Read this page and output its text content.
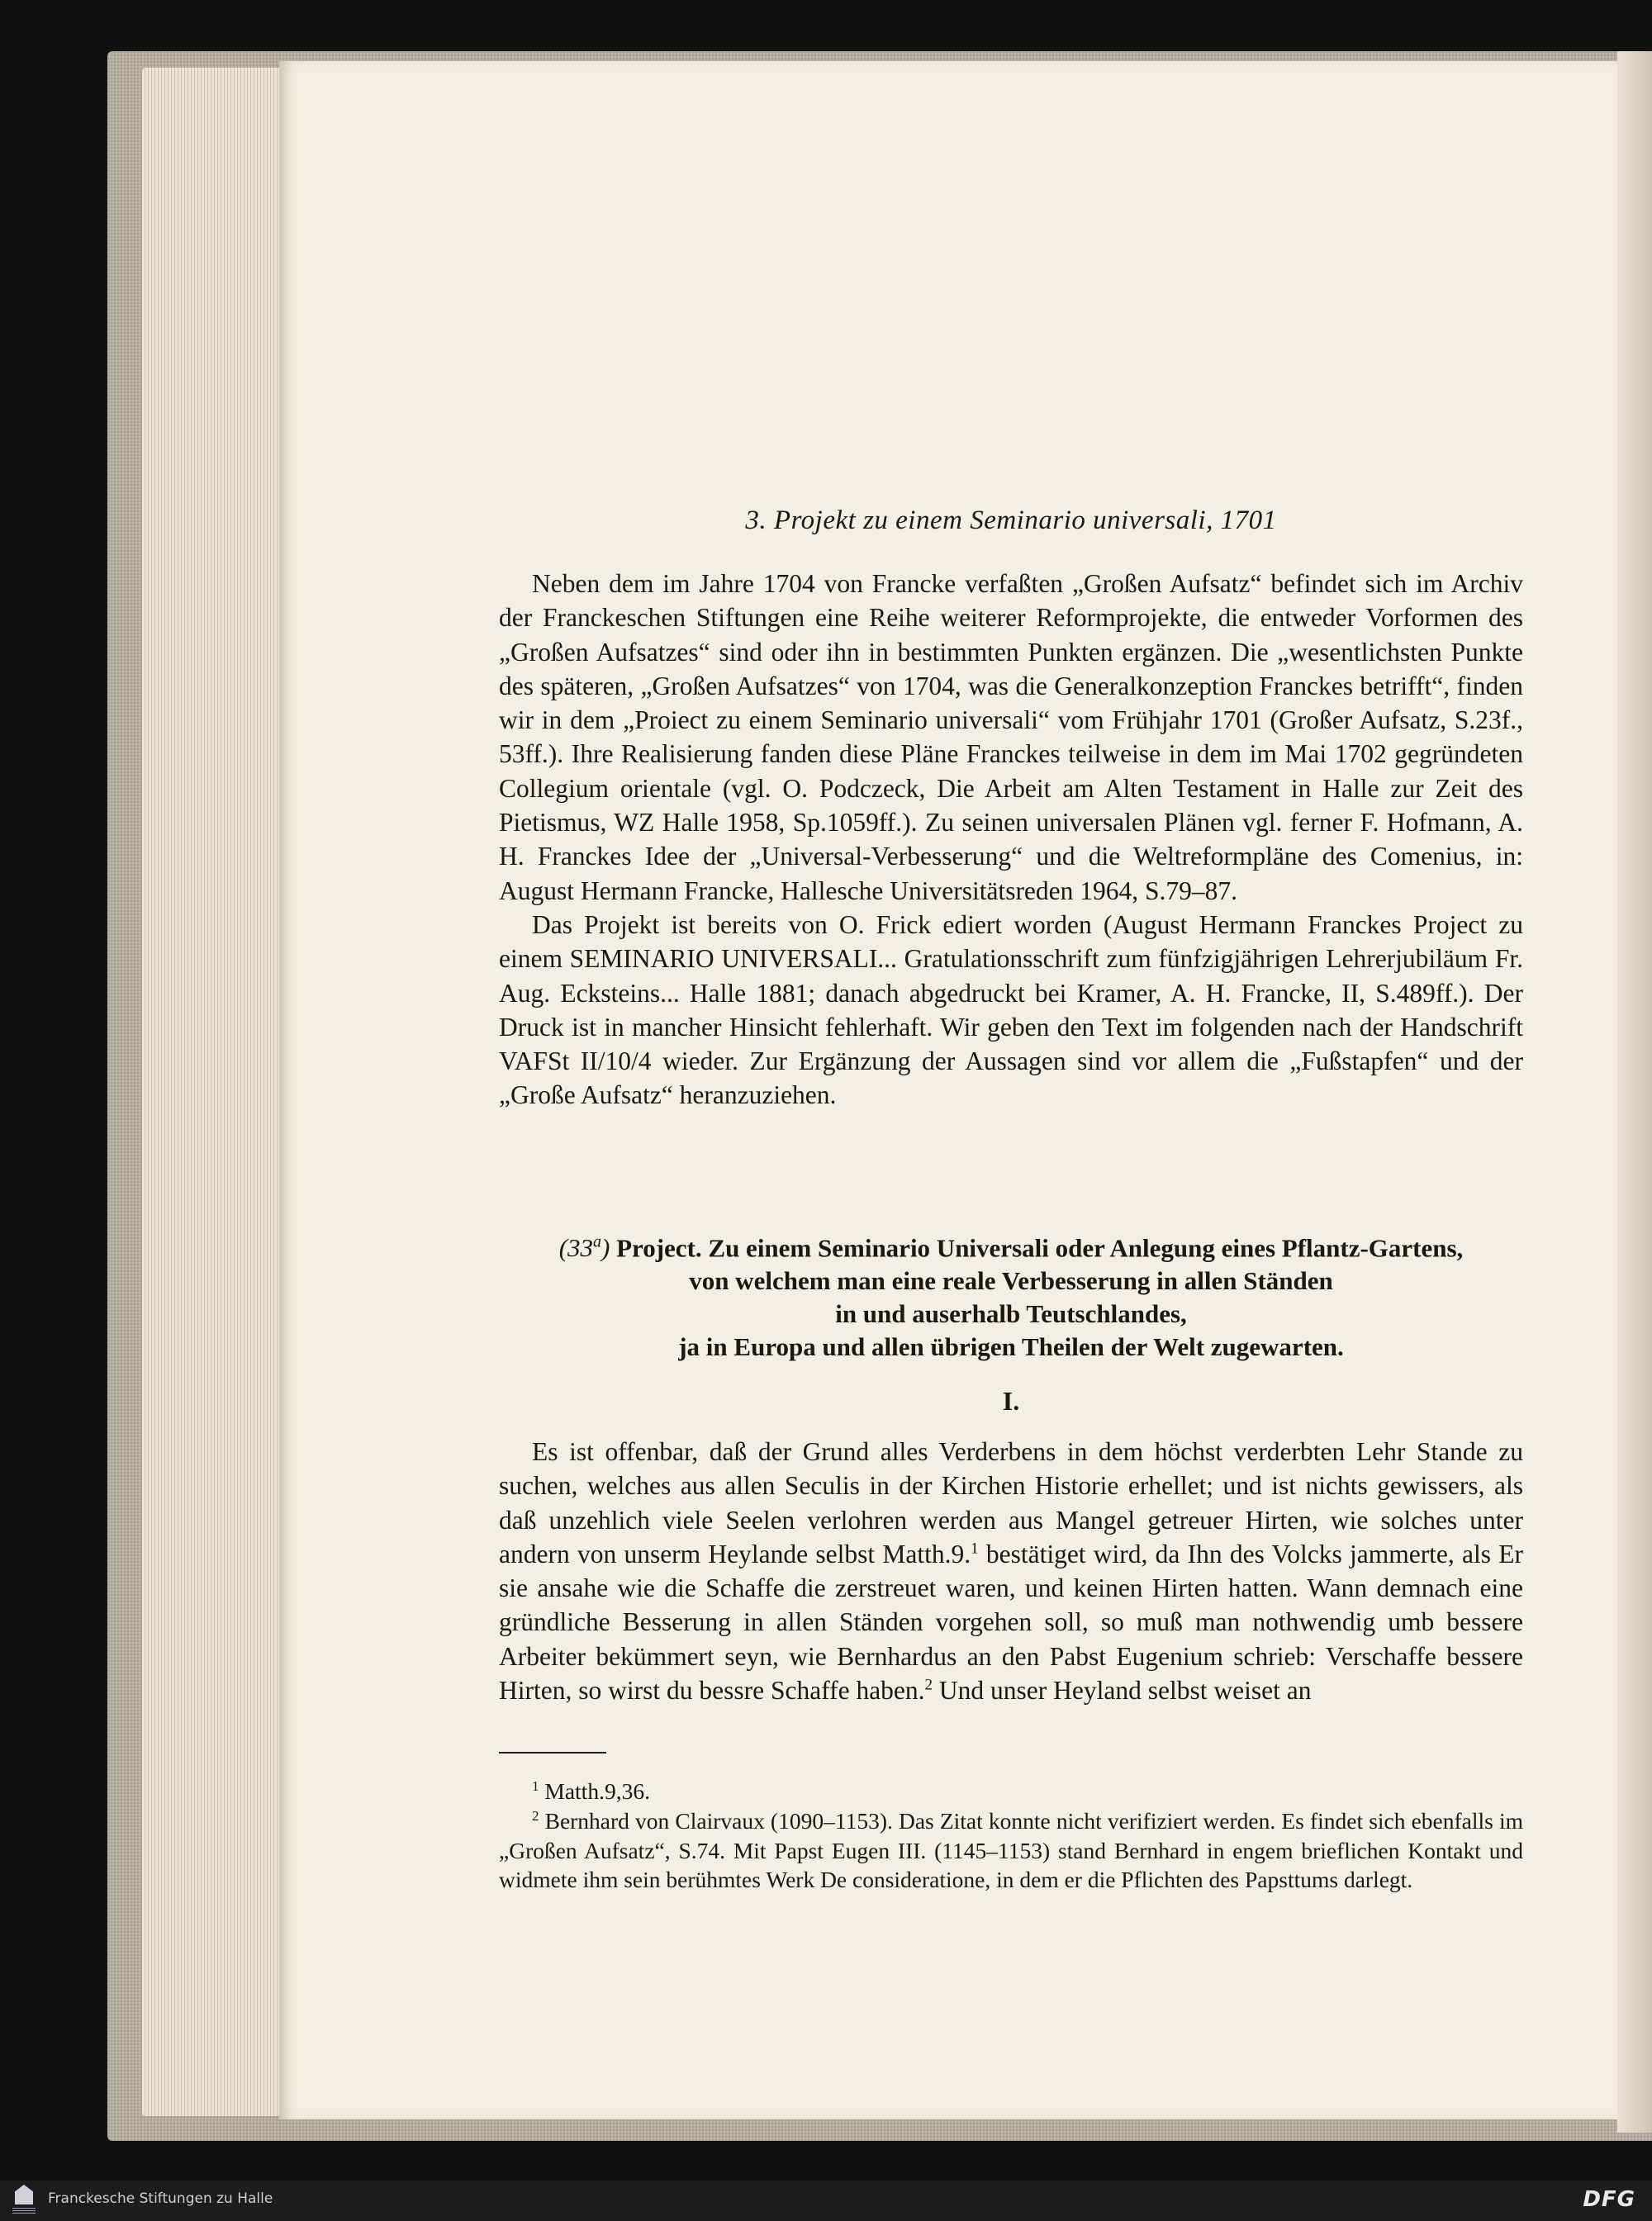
3. Projekt zu einem Seminario universali, 1701

Neben dem im Jahre 1704 von Francke verfaßten „Großen Aufsatz“ befindet sich im Archiv der Franckeschen Stiftungen eine Reihe weiterer Reformprojekte, die entweder Vorformen des „Großen Aufsatzes“ sind oder ihn in bestimmten Punkten ergänzen. Die „wesentlichsten Punkte des späteren, „Großen Aufsatzes“ von 1704, was die Generalkonzeption Franckes betrifft“, finden wir in dem „Proiect zu einem Seminario universali“ vom Frühjahr 1701 (Großer Aufsatz, S.23f., 53ff.). Ihre Realisierung fanden diese Pläne Franckes teilweise in dem im Mai 1702 gegründeten Collegium orientale (vgl. O. Podczeck, Die Arbeit am Alten Testament in Halle zur Zeit des Pietismus, WZ Halle 1958, Sp.1059ff.). Zu seinen universalen Plänen vgl. ferner F. Hofmann, A. H. Franckes Idee der „Universal-Verbesserung“ und die Weltreformpläne des Comenius, in: August Hermann Francke, Hallesche Universitätsreden 1964, S.79–87.

Das Projekt ist bereits von O. Frick ediert worden (August Hermann Franckes Project zu einem SEMINARIO UNIVERSALI... Gratulationsschrift zum fünfzigjährigen Lehrerjubiläum Fr. Aug. Ecksteins... Halle 1881; danach abgedruckt bei Kramer, A. H. Francke, II, S.489ff.). Der Druck ist in mancher Hinsicht fehlerhaft. Wir geben den Text im folgenden nach der Handschrift VAFSt II/10/4 wieder. Zur Ergänzung der Aussagen sind vor allem die „Fußstapfen“ und der „Große Aufsatz“ heranzuziehen.

(33$^a$) Project. Zu einem Seminario Universali oder Anlegung eines Pflantz-Gartens,
von welchem man eine reale Verbesserung in allen Ständen
in und auserhalb Teutschlandes,
ja in Europa und allen übrigen Theilen der Welt zugewarten.
I.

Es ist offenbar, daß der Grund alles Verderbens in dem höchst verderbten Lehr Stande zu suchen, welches aus allen Seculis in der Kirchen Historie erhellet; und ist nichts gewissers, als daß unzehlich viele Seelen verlohren werden aus Mangel getreuer Hirten, wie solches unter andern von unserm Heylande selbst Matth.9.$^1$ bestätiget wird, da Ihn des Volcks jammerte, als Er sie ansahe wie die Schaffe die zerstreuet waren, und keinen Hirten hatten. Wann demnach eine gründliche Besserung in allen Ständen vorgehen soll, so muß man nothwendig umb bessere Arbeiter bekümmert seyn, wie Bernhardus an den Pabst Eugenium schrieb: Verschaffe bessere Hirten, so wirst du bessre Schaffe haben.$^2$ Und unser Heyland selbst weiset an

$^1$ Matth.9,36.

$^2$ Bernhard von Clairvaux (1090–1153). Das Zitat konnte nicht verifiziert werden. Es findet sich ebenfalls im „Großen Aufsatz“, S.74. Mit Papst Eugen III. (1145–1153) stand Bernhard in engem brieflichen Kontakt und widmete ihm sein berühmtes Werk De consideratione, in dem er die Pflichten des Papsttums darlegt.

Franckesche Stiftungen zu Halle	DFG
